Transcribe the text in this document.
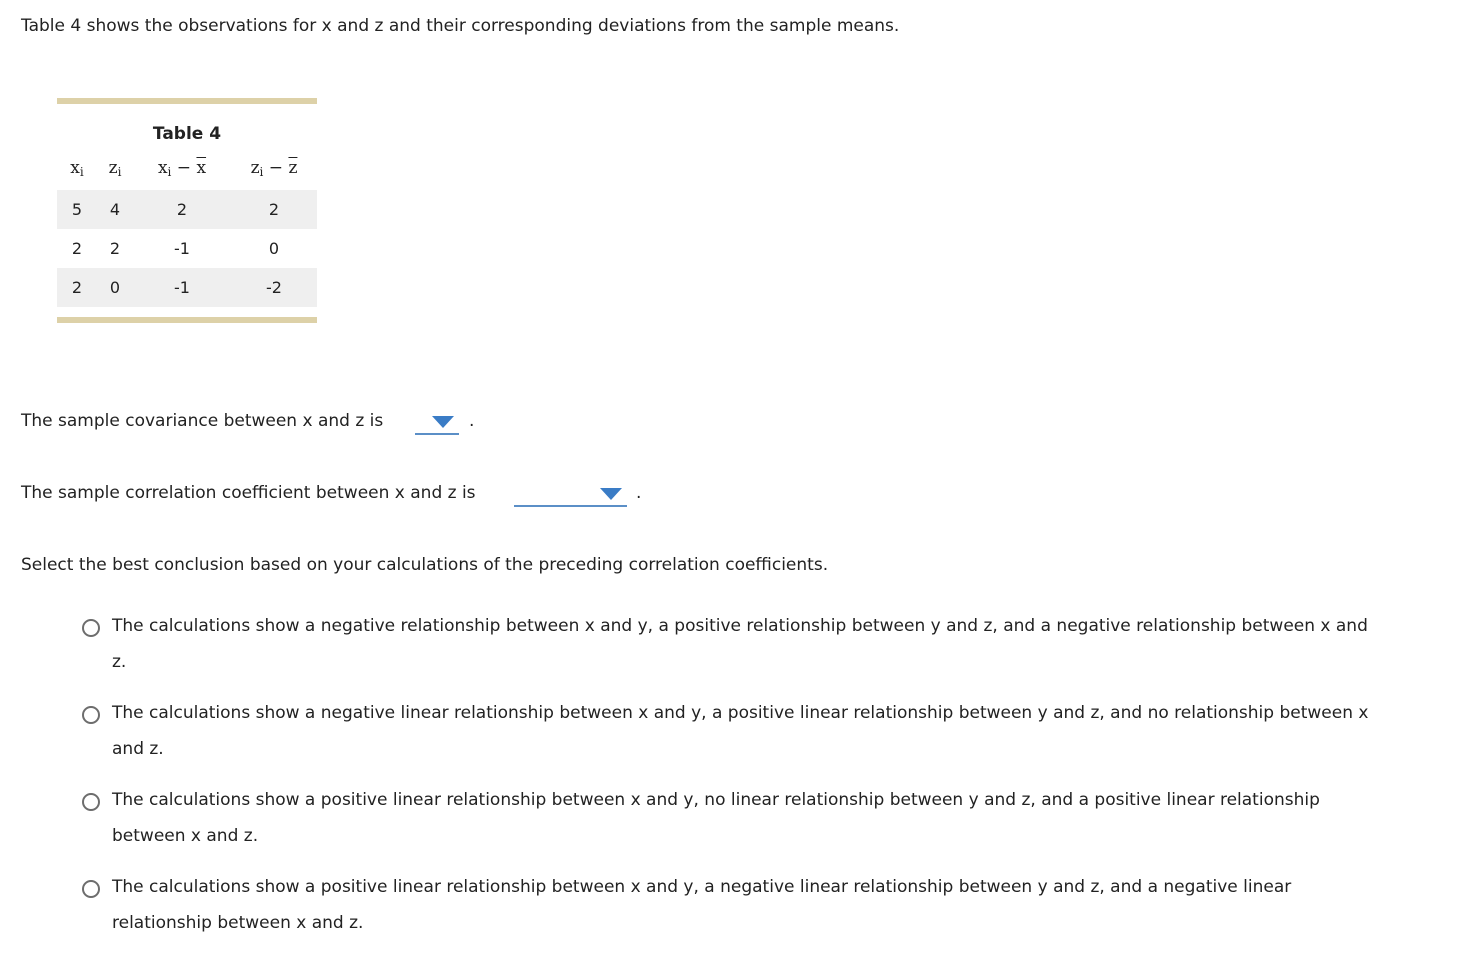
Table 4 shows the observations for x and z and their corresponding deviations from the sample means.
Table 4
$x_i$	$z_i$	$x_i - \overline{x}$	$z_i - \overline{z}$
5	4	2	2
2	2	-1	0
2	0	-1	-2
The sample covariance between x and z is	.
The sample correlation coefficient between x and z is	.
Select the best conclusion based on your calculations of the preceding correlation coefficients.
The calculations show a negative relationship between x and y, a positive relationship between y and z, and a negative relationship between x and z.
The calculations show a negative linear relationship between x and y, a positive linear relationship between y and z, and no relationship between x and z.
The calculations show a positive linear relationship between x and y, no linear relationship between y and z, and a positive linear relationship between x and z.
The calculations show a positive linear relationship between x and y, a negative linear relationship between y and z, and a negative linear relationship between x and z.
